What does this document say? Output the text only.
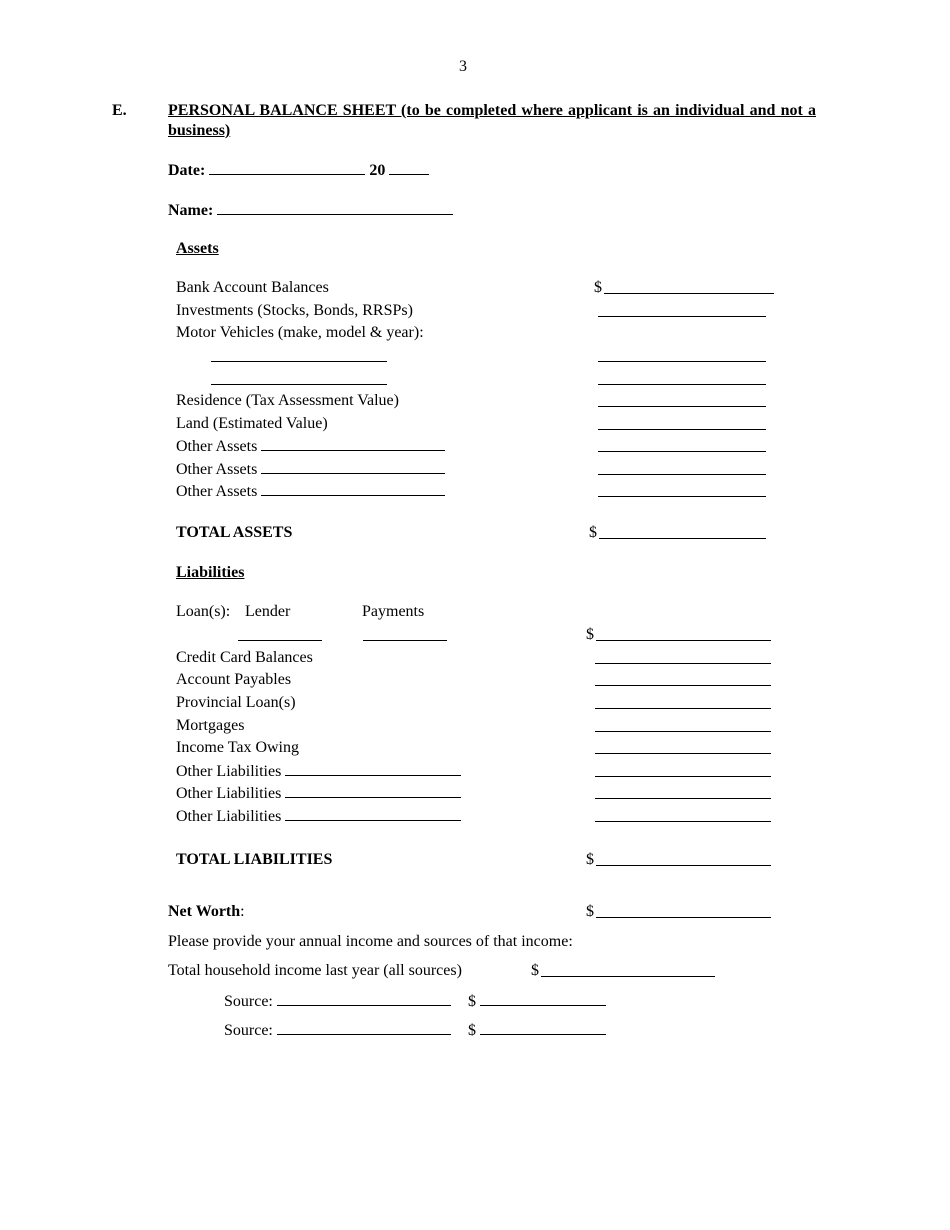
3
E.	PERSONAL BALANCE SHEET (to be completed where applicant is an individual and not a business)
Date:	20
Name:
Assets
Bank Account Balances	$
Investments (Stocks, Bonds, RRSPs)
Motor Vehicles (make, model & year):
Residence (Tax Assessment Value)
Land (Estimated Value)
Other Assets
Other Assets
Other Assets
TOTAL ASSETS	$
Liabilities
Loan(s): Lender	Payments
$
Credit Card Balances
Account Payables
Provincial Loan(s)
Mortgages
Income Tax Owing
Other Liabilities
Other Liabilities
Other Liabilities
TOTAL LIABILITIES	$
Net Worth:	$
Please provide your annual income and sources of that income:
Total household income last year (all sources)	$
Source:	$
Source:	$
